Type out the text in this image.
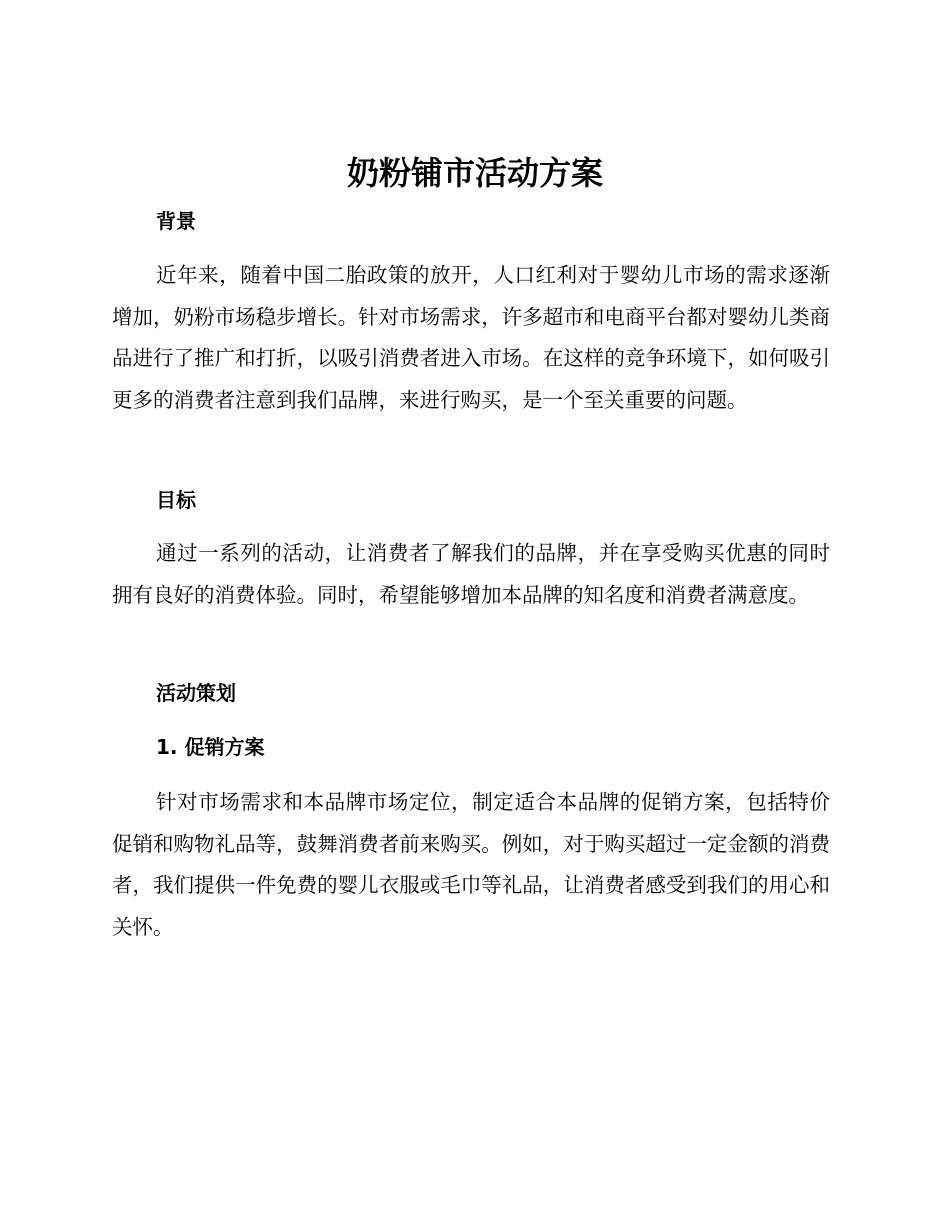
奶粉铺市活动方案
背景

近年来，随着中国二胎政策的放开，人口红利对于婴幼儿市场的需求逐渐增加，奶粉市场稳步增长。针对市场需求，许多超市和电商平台都对婴幼儿类商品进行了推广和打折，以吸引消费者进入市场。在这样的竞争环境下，如何吸引更多的消费者注意到我们品牌，来进行购买，是一个至关重要的问题。

目标

通过一系列的活动，让消费者了解我们的品牌，并在享受购买优惠的同时拥有良好的消费体验。同时，希望能够增加本品牌的知名度和消费者满意度。

活动策划
1. 促销方案

针对市场需求和本品牌市场定位，制定适合本品牌的促销方案，包括特价促销和购物礼品等，鼓舞消费者前来购买。例如，对于购买超过一定金额的消费者，我们提供一件免费的婴儿衣服或毛巾等礼品，让消费者感受到我们的用心和关怀。
